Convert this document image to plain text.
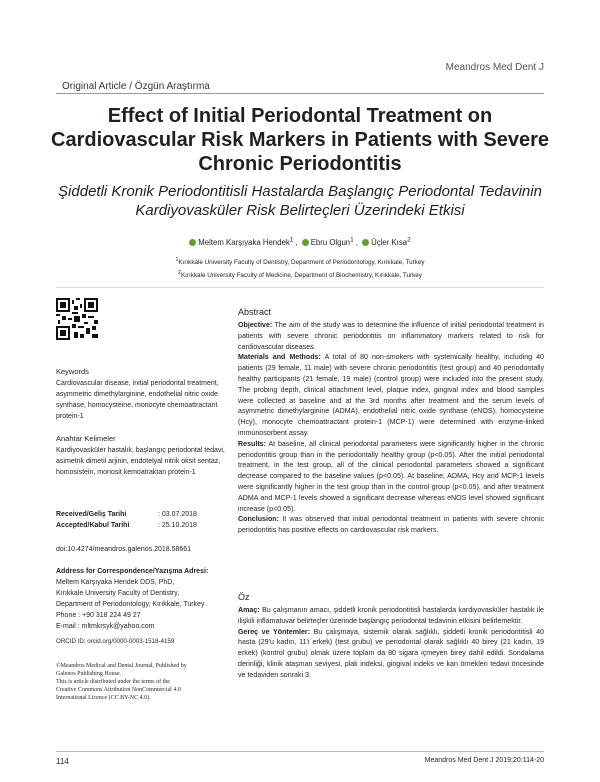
Meandros Med Dent J
Original Article / Özgün Araştırma
Effect of Initial Periodontal Treatment on Cardiovascular Risk Markers in Patients with Severe Chronic Periodontitis
Şiddetli Kronik Periodontitisli Hastalarda Başlangıç Periodontal Tedavinin Kardiyovasküler Risk Belirteçleri Üzerindeki Etkisi
Meltem Karşıyaka Hendek$^1$ , Ebru Olgun$^1$ , Üçler Kısa$^2$
$^1$Kırıkkale University Faculty of Dentistry, Department of Periodontology, Kırıkkale, Turkey
$^2$Kırıkkale University Faculty of Medicine, Department of Biochemistry, Kırıkkale, Turkey
Keywords
Cardiovascular disease, initial periodontal treatment, asymmetric dimethylarginine, endothelial nitric oxide synthase, homocysteine, monocyte chemoattractant protein-1
Anahtar Kelimeler
Kardiyovasküler hastalık, başlangıç periodontal tedavi, asimetrik dimetil arjinin, endotelyal nitrik oksit sentaz, homosistein, monosit kemoatraktan protein-1
Received/Geliş Tarihi	: 03.07.2018
Accepted/Kabul Tarihi	: 25.10.2018
doi:10.4274/meandros.galenos.2018.58661
Address for Correspondence/Yazışma Adresi:
Meltem Karşıyaka Hendek DDS, PhD,
Kırıkkale University Faculty of Dentistry,
Department of Periodontology, Kırıkkale, Turkey
Phone : +90 318 224 49 27
E-mail : mltmkrsyk@yahoo.com
ORCID ID: orcid.org/0000-0003-1518-4159
©Meandros Medical and Dental Journal, Published by
Galenos Publishing House.
This is article distributed under the terms of the
Creative Commons Attribution NonCommercial 4.0
International Licence (CC BY-NC 4.0).
Abstract

Objective: The aim of the study was to determine the influence of initial periodontal treatment in patients with severe chronic periodontitis on inflammatory markers related to risk for cardiovascular diseases.

Materials and Methods: A total of 80 non-smokers with systemically healthy, including 40 patients (29 female, 11 male) with severe chronic periodontitis (test group) and 40 periodontally healthy participants (21 female, 19 male) (control group) were included into the present study. The probing depth, clinical attachment level, plaque index, gingival index and blood samples were collected at baseline and at the 3rd months after treatment and the serum levels of asymmetric dimethylarginine (ADMA), endothelial nitric oxide synthase (eNOS), homocysteine (Hcy), monocyte chemoattractant protein-1 (MCP-1) were determined with enzyme-linked immunosorbent assay.

Results: At baseline, all clinical periodontal parameters were significantly higher in the chronic periodontitis group than in the periodontally healthy group (p<0.05). After the initial periodontal treatment, in the test group, all of the clinical periodontal parameters showed a significant decrease compared to the baseline values (p<0.05). At baseline, ADMA, Hcy and MCP-1 levels were significantly higher in the test group than in the control group (p<0.05), and after treatment ADMA and MCP-1 levels showed a significant decrease whereas eNOS level showed significant increase (p<0.05).

Conclusion: It was observed that initial periodontal treatment in patients with severe chronic periodontitis has positive effects on cardiovascular risk markers.

Öz

Amaç: Bu çalışmanın amacı, şiddetli kronik periodontitisli hastalarda kardiyovasküler hastalık ile ilişkili inflamatuvar belirteçler üzerinde başlangıç periodontal tedavinin etkisini belirlemektir.

Gereç ve Yöntemler: Bu çalışmaya, sistemik olarak sağlıklı, şiddetli kronik periodontitisli 40 hasta (29'u kadın, 11'i erkek) (test grubu) ve periodontal olarak sağlıklı 40 birey (21 kadın, 19 erkek) (kontrol grubu) olmak üzere toplam da 80 sigara içmeyen birey dahil edildi. Sondalama derinliği, klinik ataşman seviyesi, plak indeksi, gingival indeks ve kan örnekleri tedavi öncesinde ve tedaviden sonraki 3.

114	Meandros Med Dent J 2019;20:114-20
